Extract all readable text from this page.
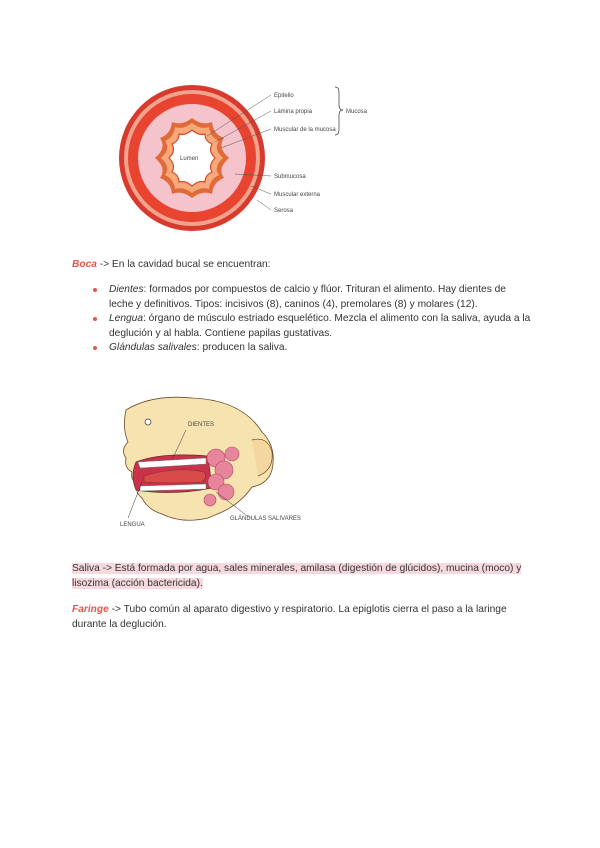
Lumen
Epitelio
Lámina propia
Muscular de la mucosa
Mucosa
Submucosa
Muscular externa
Serosa
Boca -> En la cavidad bucal se encuentran:
Dientes: formados por compuestos de calcio y flúor. Trituran el alimento. Hay dientes de leche y definitivos. Tipos: incisivos (8), caninos (4), premolares (8) y molares (12).
Lengua: órgano de músculo estriado esquelético. Mezcla el alimento con la saliva, ayuda a la deglución y al habla. Contiene papilas gustativas.
Glándulas salivales: producen la saliva.
DIENTES
LENGUA
GLÁNDULAS SALIVARES
Saliva -> Está formada por agua, sales minerales, amilasa (digestión de glúcidos), mucina (moco) y lisozima (acción bactericida).
Faringe -> Tubo común al aparato digestivo y respiratorio. La epiglotis cierra el paso a la laringe durante la deglución.
